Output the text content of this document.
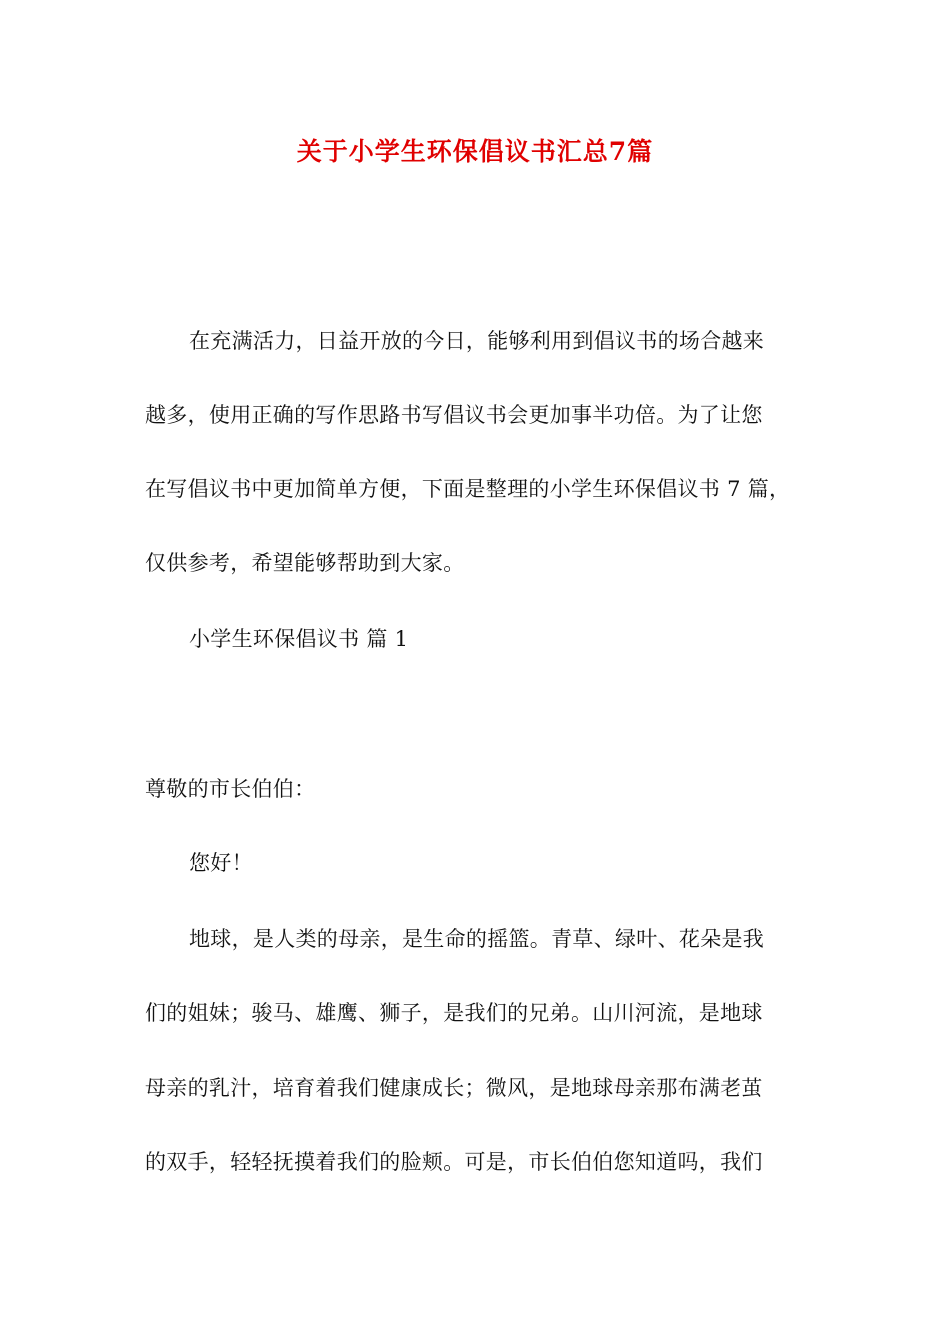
关于小学生环保倡议书汇总7篇
在充满活力，日益开放的今日，能够利用到倡议书的场合越来
越多，使用正确的写作思路书写倡议书会更加事半功倍。为了让您
在写倡议书中更加简单方便，下面是整理的小学生环保倡议书 7 篇，
仅供参考，希望能够帮助到大家。
小学生环保倡议书 篇 1
尊敬的市长伯伯：
您好！
地球，是人类的母亲，是生命的摇篮。青草、绿叶、花朵是我
们的姐妹；骏马、雄鹰、狮子，是我们的兄弟。山川河流，是地球
母亲的乳汁，培育着我们健康成长；微风，是地球母亲那布满老茧
的双手，轻轻抚摸着我们的脸颊。可是，市长伯伯您知道吗，我们
